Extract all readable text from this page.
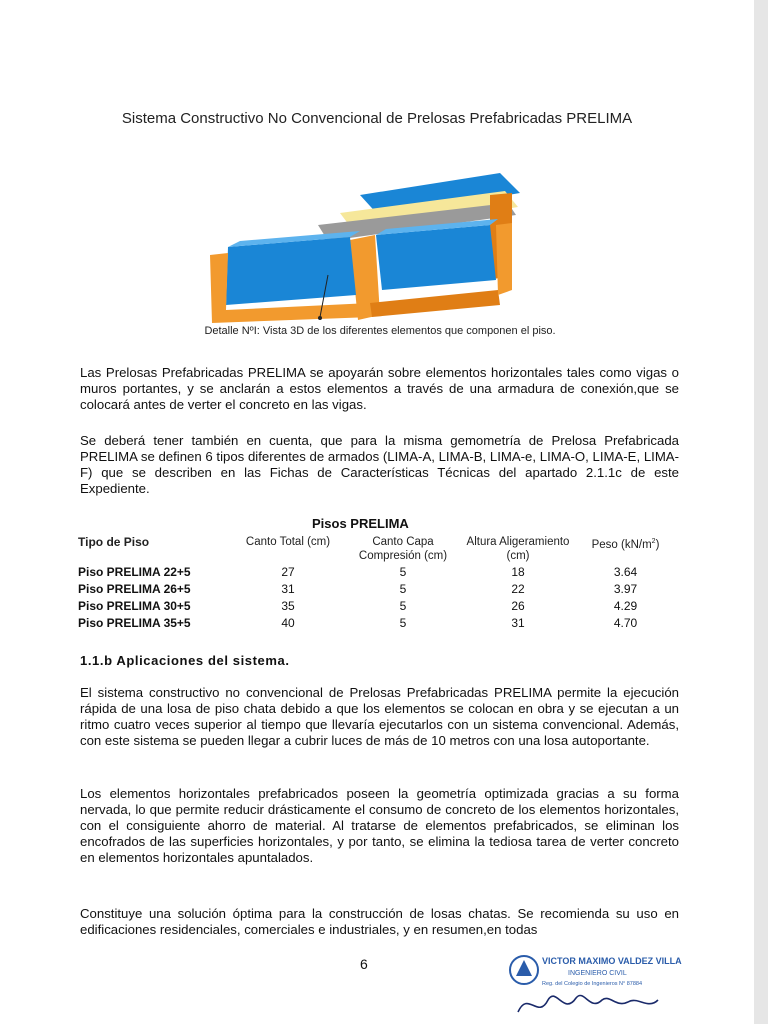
Sistema Constructivo No Convencional de Prelosas Prefabricadas PRELIMA
Detalle NºI: Vista 3D de los diferentes elementos que componen el piso.

Las Prelosas Prefabricadas PRELIMA se apoyarán sobre elementos horizontales tales como vigas o muros portantes, y se anclarán a estos elementos a través de una armadura de conexión,que se colocará antes de verter el concreto en las vigas.

Se deberá tener también en cuenta, que para la misma gemometría de Prelosa Prefabricada PRELIMA se definen 6 tipos diferentes de armados (LIMA-A, LIMA-B, LIMA-e, LIMA-O, LIMA-E, LIMA-F) que se describen en las Fichas de Características Técnicas del apartado 2.1.1c de este Expediente.

Pisos PRELIMA
Tipo de Piso	Canto Total (cm)	Canto Capa Compresión (cm)	Altura Aligeramiento (cm)	Peso $(kN/m^2)$
Piso PRELIMA 22+5	27	5	18	3.64
Piso PRELIMA 26+5	31	5	22	3.97
Piso PRELIMA 30+5	35	5	26	4.29
Piso PRELIMA 35+5	40	5	31	4.70
1.1.b Aplicaciones del sistema.

El sistema constructivo no convencional de Prelosas Prefabricadas PRELIMA permite la ejecución rápida de una losa de piso chata debido a que los elementos se colocan en obra y se ejecutan a un ritmo cuatro veces superior al tiempo que llevaría ejecutarlos con un sistema convencional. Además, con este sistema se pueden llegar a cubrir luces de más de 10 metros con una losa autoportante.

Los elementos horizontales prefabricados poseen la geometría optimizada gracias a su forma nervada, lo que permite reducir drásticamente el consumo de concreto de los elementos horizontales, con el consiguiente ahorro de material. Al tratarse de elementos prefabricados, se eliminan los encofrados de las superficies horizontales, y por tanto, se elimina la tediosa tarea de verter concreto en elementos horizontales apuntalados.

Constituye una solución óptima para la construcción de losas chatas. Se recomienda su uso en edificaciones residenciales, comerciales e industriales, y en resumen,en todas

6	VICTOR MAXIMO VALDEZ VILLA
INGENIERO CIVIL
Reg. del Colegio de Ingenieros N° 87884
